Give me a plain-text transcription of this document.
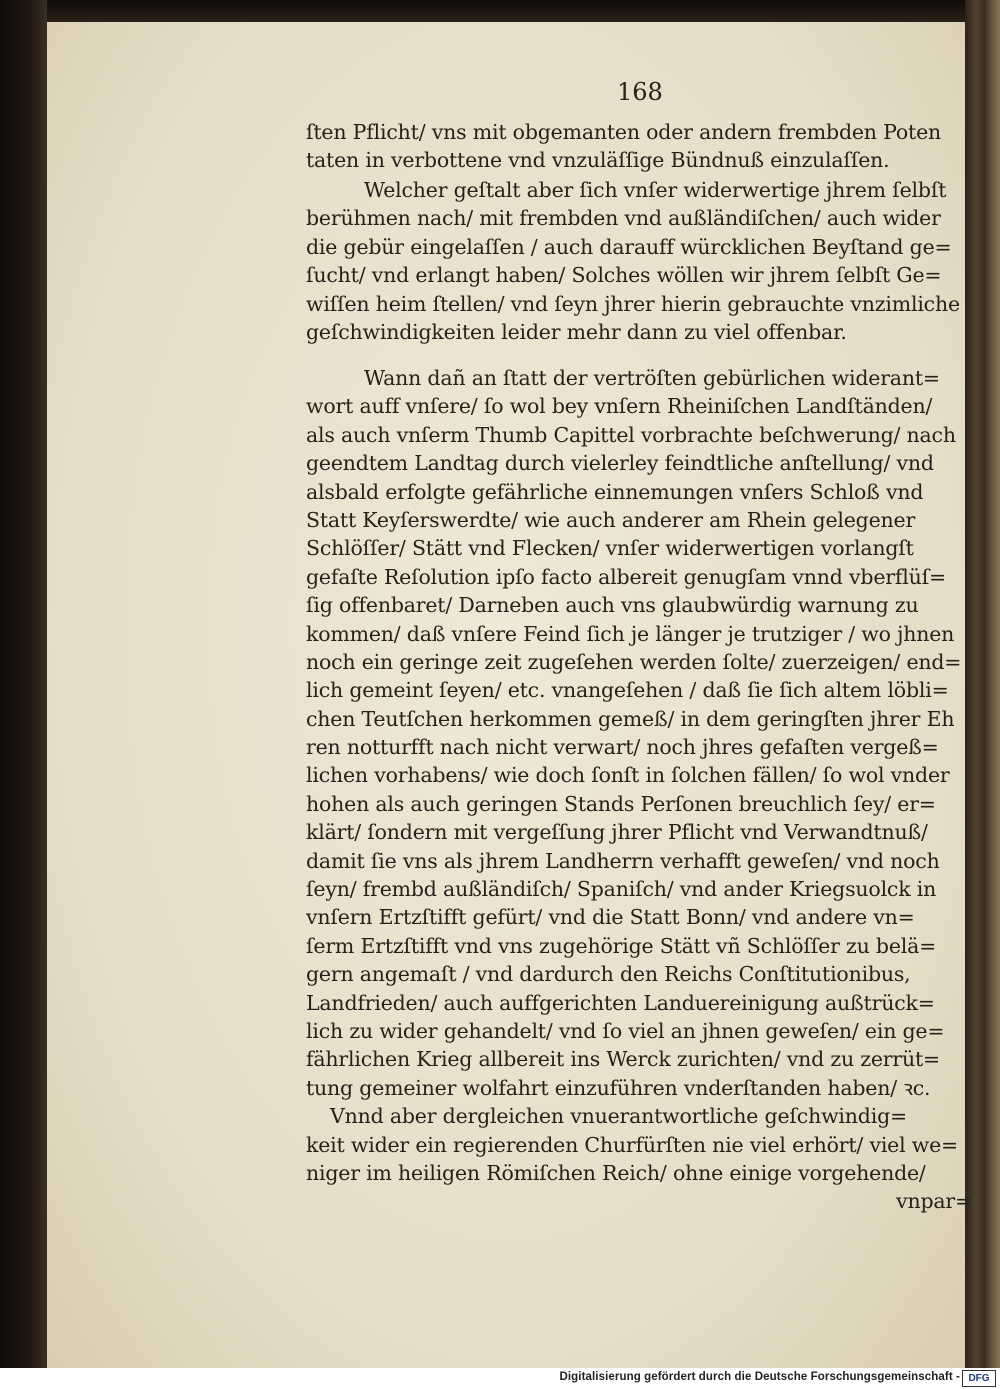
168
ſten Pflicht/ vns mit obgemanten oder andern frembden Poten
taten in verbottene vnd vnzuläſſige Bündnuß einzulaſſen.
Welcher geſtalt aber ſich vnſer widerwertige jhrem ſelbſt
berühmen nach/ mit frembden vnd außländiſchen/ auch wider
die gebür eingelaſſen / auch darauff würcklichen Beyſtand ge=
ſucht/ vnd erlangt haben/ Solches wöllen wir jhrem ſelbſt Ge=
wiſſen heim ſtellen/ vnd ſeyn jhrer hierin gebrauchte vnzimliche
geſchwindigkeiten leider mehr dann zu viel offenbar.
Wann dañ an ſtatt der vertröſten gebürlichen widerant=
wort auff vnſere/ ſo wol bey vnſern Rheiniſchen Landſtänden/
als auch vnſerm Thumb Capittel vorbrachte beſchwerung/ nach
geendtem Landtag durch vielerley feindtliche anſtellung/ vnd
alsbald erfolgte gefährliche einnemungen vnſers Schloß vnd
Statt Keyſerswerdte/ wie auch anderer am Rhein gelegener
Schlöſſer/ Stätt vnd Flecken/ vnſer widerwertigen vorlangſt
gefaſte Reſolution ipſo facto albereit genugſam vnnd vberflüſ=
ſig offenbaret/ Darneben auch vns glaubwürdig warnung zu
kommen/ daß vnſere Feind ſich je länger je trutziger / wo jhnen
noch ein geringe zeit zugeſehen werden ſolte/ zuerzeigen/ end=
lich gemeint ſeyen/ etc. vnangeſehen / daß ſie ſich altem löbli=
chen Teutſchen herkommen gemeß/ in dem geringſten jhrer Eh
ren notturfft nach nicht verwart/ noch jhres gefaſten vergeß=
lichen vorhabens/ wie doch ſonſt in ſolchen fällen/ ſo wol vnder
hohen als auch geringen Stands Perſonen breuchlich ſey/ er=
klärt/ ſondern mit vergeſſung jhrer Pflicht vnd Verwandtnuß/
damit ſie vns als jhrem Landherrn verhafft geweſen/ vnd noch
ſeyn/ frembd außländiſch/ Spaniſch/ vnd ander Kriegsuolck in
vnſern Ertzſtifft gefürt/ vnd die Statt Bonn/ vnd andere vn=
ſerm Ertzſtifft vnd vns zugehörige Stätt vñ Schlöſſer zu belä=
gern angemaſt / vnd dardurch den Reichs Conſtitutionibus,
Landfrieden/ auch auffgerichten Landuereinigung außtrück=
lich zu wider gehandelt/ vnd ſo viel an jhnen geweſen/ ein ge=
fährlichen Krieg allbereit ins Werck zurichten/ vnd zu zerrüt=
tung gemeiner wolfahrt einzuführen vnderſtanden haben/ ꝛc.
Vnnd aber dergleichen vnuerantwortliche geſchwindig=
keit wider ein regierenden Churfürſten nie viel erhört/ viel we=
niger im heiligen Römiſchen Reich/ ohne einige vorgehende/
vnpar=
Digitalisierung gefördert durch die Deutsche Forschungsgemeinschaft - DFG
